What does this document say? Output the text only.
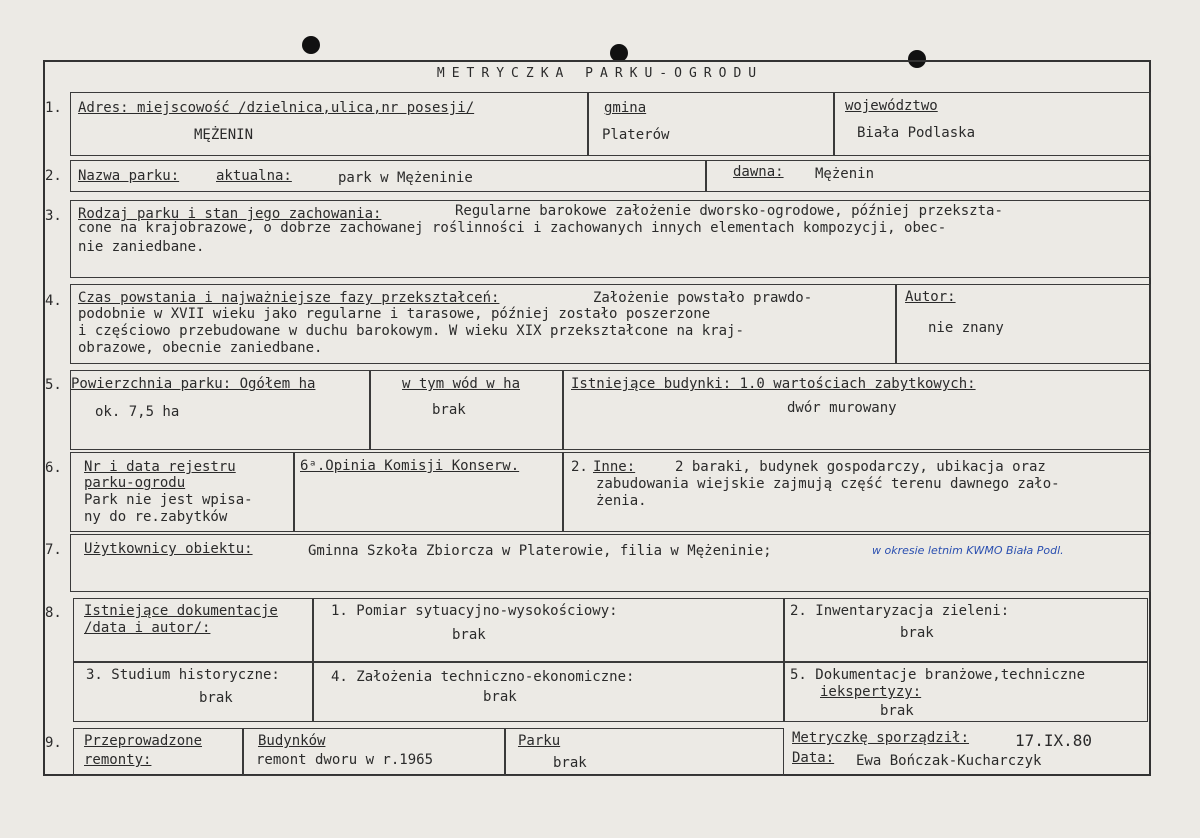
METRYCZKA PARKU-OGRODU
1. Adres: miejscowość /dzielnica,ulica,nr posesji/
MĘŻENIN
gmina
Platerów
województwo
Biała Podlaska
2. Nazwa parku:	aktualna:	park w Mężeninie	dawna: Mężenin
3. Rodzaj parku i stan jego zachowania:	Regularne barokowe założenie dworsko-ogrodowe, później przekszta-
cone na krajobrazowe, o dobrze zachowanej roślinności i zachowanych innych elementach kompozycji, obec-
nie zaniedbane.
4. Czas powstania i najważniejsze fazy przekształceń:	Założenie powstało prawdo-
podobnie w XVII wieku jako regularne i tarasowe, później zostało poszerzone
i częściowo przebudowane w duchu barokowym. W wieku XIX przekształcone na kraj-
obrazowe, obecnie zaniedbane.
Autor:
nie znany
5. Powierzchnia parku: Ogółem ha
ok. 7,5 ha
w tym wód w ha
brak
Istniejące budynki: 1.0 wartościach zabytkowych:
dwór murowany
6. Nr i data rejestru
parku-ogrodu
Park nie jest wpisa-
ny do re.zabytków
6ᵃ.Opinia Komisji Konserw.	2. Inne:	2 baraki, budynek gospodarczy, ubikacja oraz
zabudowania wiejskie zajmują część terenu dawnego zało-
żenia.
7. Użytkownicy obiektu:	Gminna Szkoła Zbiorcza w Platerowie, filia w Mężeninie;	w okresie letnim KWMO Biała Podl.
8. Istniejące dokumentacje
/data i autor/:
1. Pomiar sytuacyjno-wysokościowy:
brak
2. Inwentaryzacja zieleni:
brak
3. Studium historyczne:
brak
4. Założenia techniczno-ekonomiczne:
brak
5. Dokumentacje branżowe,techniczne
iekspertyzy:
brak
9. Przeprowadzone
remonty:
Budynków
remont dworu w r.1965
Parku
brak
Metryczkę sporządził:	17.IX.80
Data: Ewa Bończak-Kucharczyk
